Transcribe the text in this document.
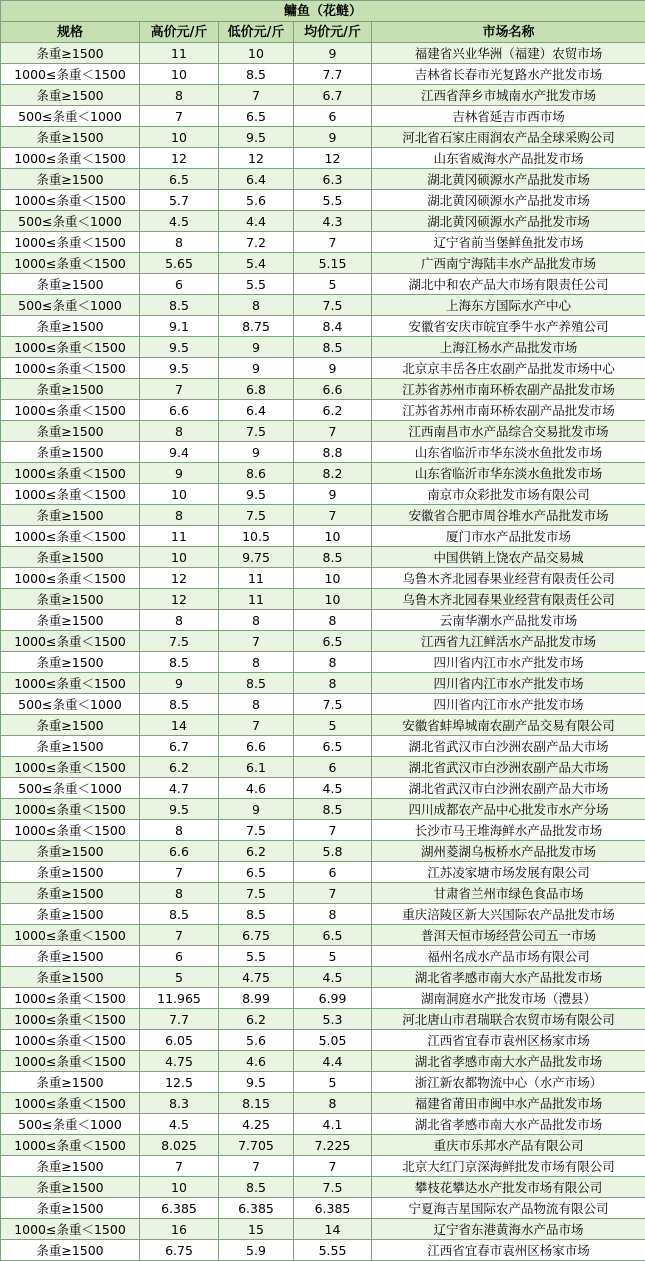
鳙鱼（花鲢）				
规格	高价元/斤	低价元/斤	均价元/斤	市场名称
条重≥1500	11	10	9	福建省兴业华洲（福建）农贸市场
1000≤条重＜1500	10	8.5	7.7	吉林省长春市光复路水产批发市场
条重≥1500	8	7	6.7	江西省萍乡市城南水产批发市场
500≤条重＜1000	7	6.5	6	吉林省延吉市西市场
条重≥1500	10	9.5	9	河北省石家庄雨润农产品全球采购公司
1000≤条重＜1500	12	12	12	山东省威海水产品批发市场
条重≥1500	6.5	6.4	6.3	湖北黄冈硕源水产品批发市场
1000≤条重＜1500	5.7	5.6	5.5	湖北黄冈硕源水产品批发市场
500≤条重＜1000	4.5	4.4	4.3	湖北黄冈硕源水产品批发市场
1000≤条重＜1500	8	7.2	7	辽宁省前当堡鲜鱼批发市场
1000≤条重＜1500	5.65	5.4	5.15	广西南宁海陆丰水产品批发市场
条重≥1500	6	5.5	5	湖北中和农产品大市场有限责任公司
500≤条重＜1000	8.5	8	7.5	上海东方国际水产中心
条重≥1500	9.1	8.75	8.4	安徽省安庆市皖宜季牛水产养殖公司
1000≤条重＜1500	9.5	9	8.5	上海江杨水产品批发市场
1000≤条重＜1500	9.5	9	9	北京京丰岳各庄农副产品批发市场中心
条重≥1500	7	6.8	6.6	江苏省苏州市南环桥农副产品批发市场
1000≤条重＜1500	6.6	6.4	6.2	江苏省苏州市南环桥农副产品批发市场
条重≥1500	8	7.5	7	江西南昌市水产品综合交易批发市场
条重≥1500	9.4	9	8.8	山东省临沂市华东淡水鱼批发市场
1000≤条重＜1500	9	8.6	8.2	山东省临沂市华东淡水鱼批发市场
1000≤条重＜1500	10	9.5	9	南京市众彩批发市场有限公司
条重≥1500	8	7.5	7	安徽省合肥市周谷堆水产品批发市场
1000≤条重＜1500	11	10.5	10	厦门市水产品批发市场
条重≥1500	10	9.75	8.5	中国供销上饶农产品交易城
1000≤条重＜1500	12	11	10	乌鲁木齐北园春果业经营有限责任公司
条重≥1500	12	11	10	乌鲁木齐北园春果业经营有限责任公司
条重≥1500	8	8	8	云南华潮水产品批发市场
1000≤条重＜1500	7.5	7	6.5	江西省九江鲜活水产品批发市场
条重≥1500	8.5	8	8	四川省内江市水产批发市场
1000≤条重＜1500	9	8.5	8	四川省内江市水产批发市场
500≤条重＜1000	8.5	8	7.5	四川省内江市水产批发市场
条重≥1500	14	7	5	安徽省蚌埠城南农副产品交易有限公司
条重≥1500	6.7	6.6	6.5	湖北省武汉市白沙洲农副产品大市场
1000≤条重＜1500	6.2	6.1	6	湖北省武汉市白沙洲农副产品大市场
500≤条重＜1000	4.7	4.6	4.5	湖北省武汉市白沙洲农副产品大市场
1000≤条重＜1500	9.5	9	8.5	四川成都农产品中心批发市水产分场
1000≤条重＜1500	8	7.5	7	长沙市马王堆海鲜水产品批发市场
条重≥1500	6.6	6.2	5.8	湖州菱湖乌板桥水产品批发市场
条重≥1500	7	6.5	6	江苏凌家塘市场发展有限公司
条重≥1500	8	7.5	7	甘肃省兰州市绿色食品市场
条重≥1500	8.5	8.5	8	重庆涪陵区新大兴国际农产品批发市场
1000≤条重＜1500	7	6.75	6.5	普洱天恒市场经营公司五一市场
条重≥1500	6	5.5	5	福州名成水产品市场有限公司
条重≥1500	5	4.75	4.5	湖北省孝感市南大水产品批发市场
1000≤条重＜1500	11.965	8.99	6.99	湖南洞庭水产批发市场（澧县）
1000≤条重＜1500	7.7	6.2	5.3	河北唐山市君瑞联合农贸市场有限公司
1000≤条重＜1500	6.05	5.6	5.05	江西省宜春市袁州区杨家市场
1000≤条重＜1500	4.75	4.6	4.4	湖北省孝感市南大水产品批发市场
条重≥1500	12.5	9.5	5	浙江新农都物流中心（水产市场）
1000≤条重＜1500	8.3	8.15	8	福建省莆田市闽中水产品批发市场
500≤条重＜1000	4.5	4.25	4.1	湖北省孝感市南大水产品批发市场
1000≤条重＜1500	8.025	7.705	7.225	重庆市乐邦水产品有限公司
条重≥1500	7	7	7	北京大红门京深海鲜批发市场有限公司
条重≥1500	10	8.5	7.5	攀枝花攀达水产批发市场有限公司
条重≥1500	6.385	6.385	6.385	宁夏海吉星国际农产品物流有限公司
1000≤条重＜1500	16	15	14	辽宁省东港黄海水产品市场
条重≥1500	6.75	5.9	5.55	江西省宜春市袁州区杨家市场
